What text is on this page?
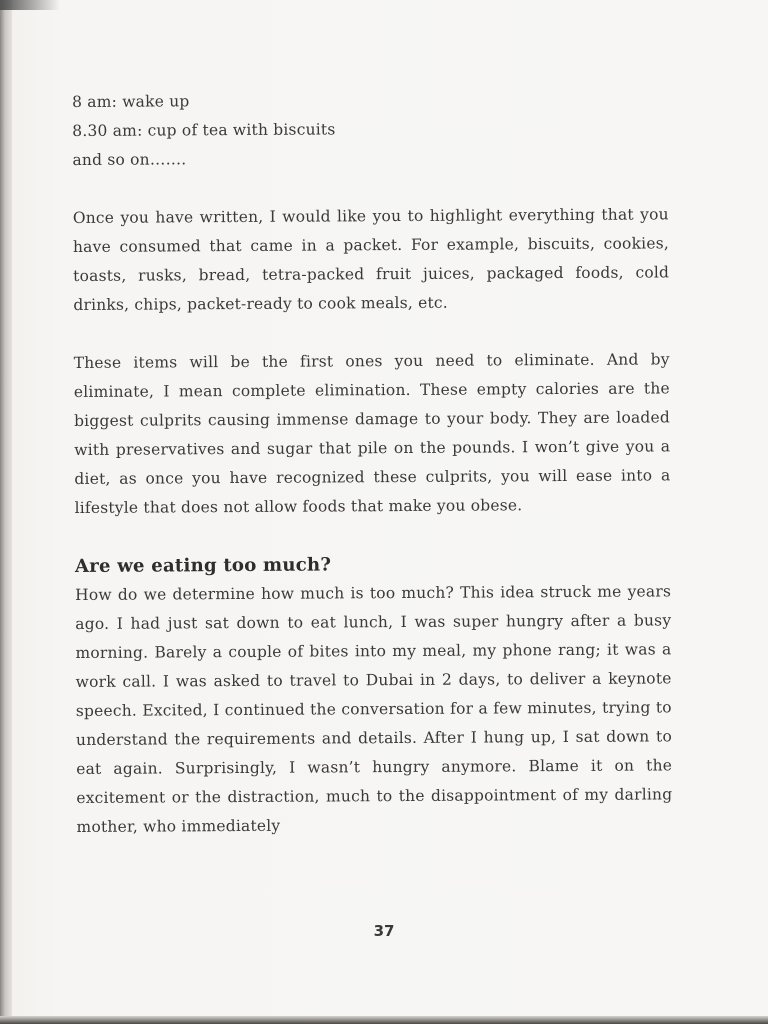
8 am: wake up

8.30 am: cup of tea with biscuits

and so on…….

Once you have written, I would like you to highlight everything that you have consumed that came in a packet. For example, biscuits, cookies, toasts, rusks, bread, tetra-packed fruit juices, packaged foods, cold drinks, chips, packet-ready to cook meals, etc.

These items will be the first ones you need to eliminate. And by eliminate, I mean complete elimination. These empty calories are the biggest culprits causing immense damage to your body. They are loaded with preservatives and sugar that pile on the pounds. I won’t give you a diet, as once you have recognized these culprits, you will ease into a lifestyle that does not allow foods that make you obese.

Are we eating too much?

How do we determine how much is too much? This idea struck me years ago. I had just sat down to eat lunch, I was super hungry after a busy morning. Barely a couple of bites into my meal, my phone rang; it was a work call. I was asked to travel to Dubai in 2 days, to deliver a keynote speech. Excited, I continued the conversation for a few minutes, trying to understand the requirements and details. After I hung up, I sat down to eat again. Surprisingly, I wasn’t hungry anymore. Blame it on the excitement or the distraction, much to the disappointment of my darling mother, who immediately

37
